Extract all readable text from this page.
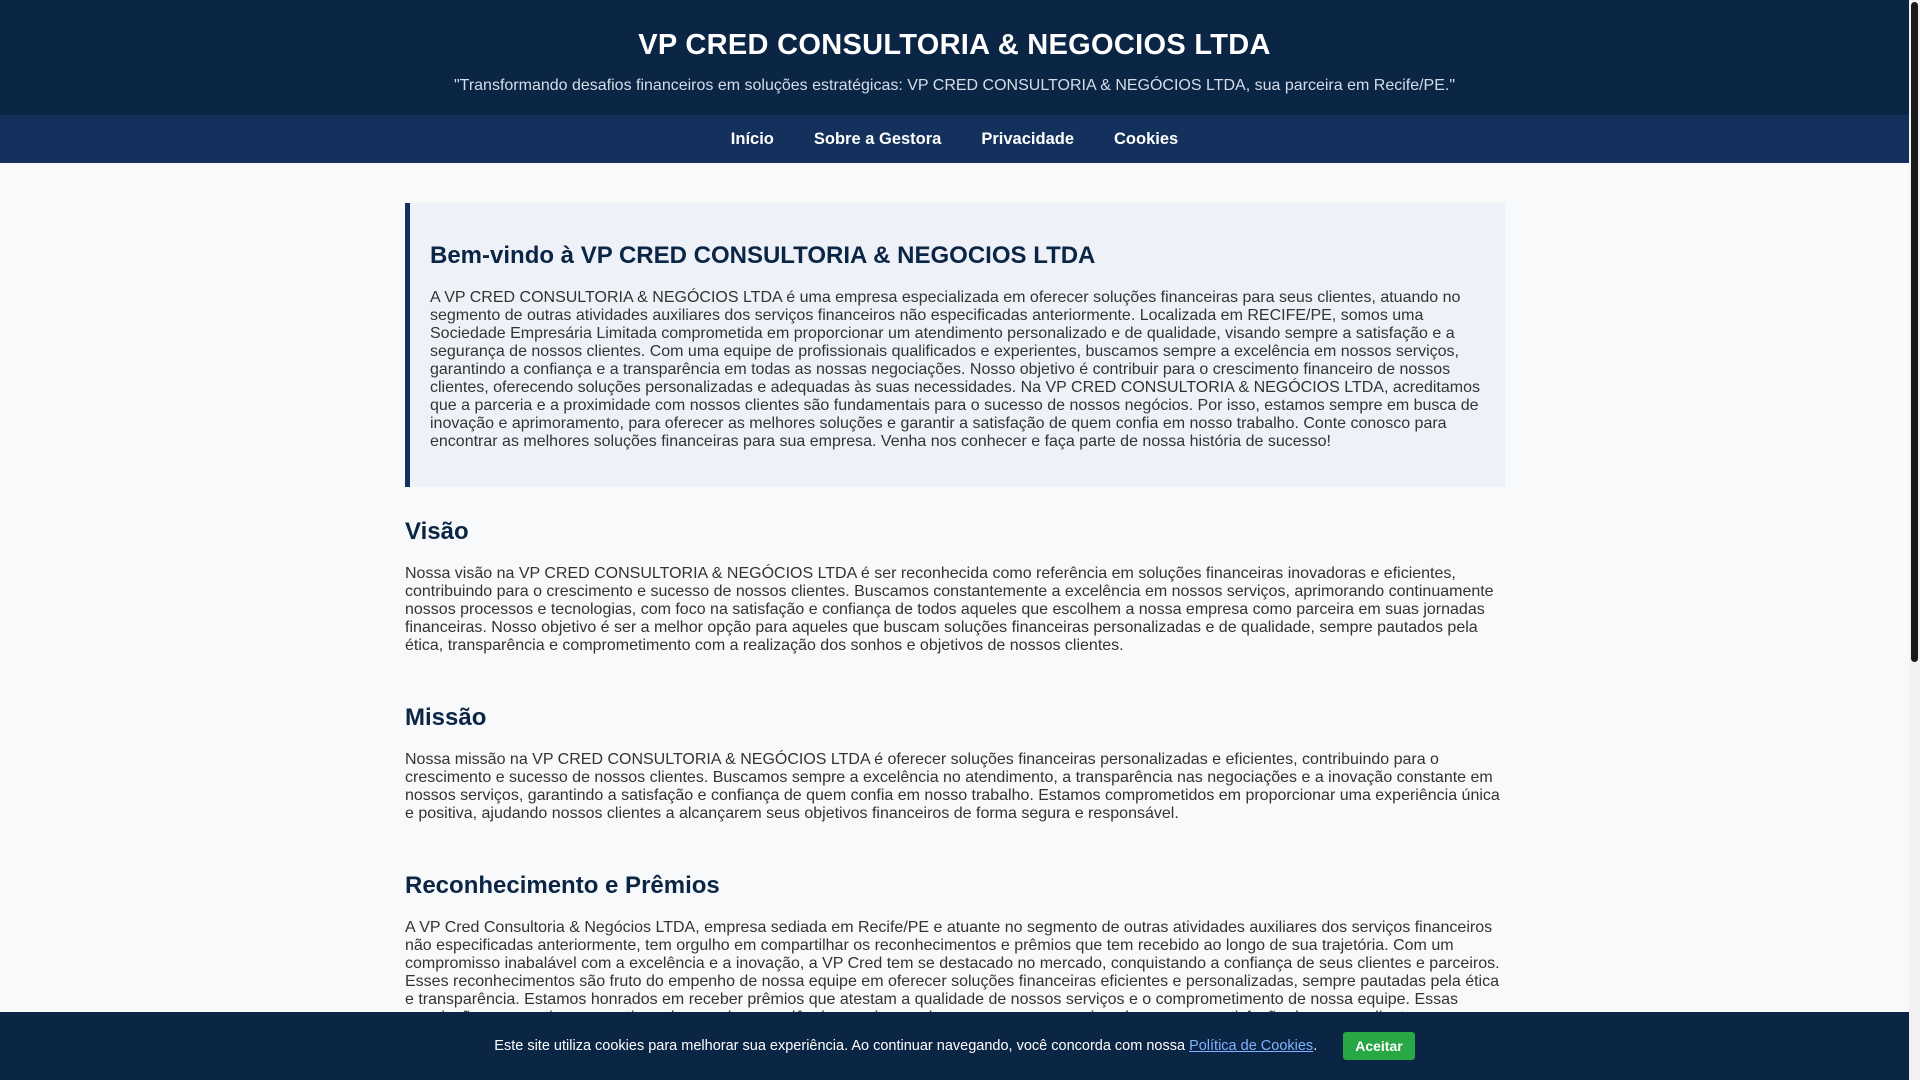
VP CRED CONSULTORIA & NEGOCIOS LTDA

"Transformando desafios financeiros em soluções estratégicas: VP CRED CONSULTORIA & NEGÓCIOS LTDA, sua parceira em Recife/PE."

Início Sobre a Gestora Privacidade Cookies
Bem-vindo à VP CRED CONSULTORIA & NEGOCIOS LTDA

A VP CRED CONSULTORIA & NEGÓCIOS LTDA é uma empresa especializada em oferecer soluções financeiras para seus clientes, atuando no segmento de outras atividades auxiliares dos serviços financeiros não especificadas anteriormente. Localizada em RECIFE/PE, somos uma Sociedade Empresária Limitada comprometida em proporcionar um atendimento personalizado e de qualidade, visando sempre a satisfação e a segurança de nossos clientes. Com uma equipe de profissionais qualificados e experientes, buscamos sempre a excelência em nossos serviços, garantindo a confiança e a transparência em todas as nossas negociações. Nosso objetivo é contribuir para o crescimento financeiro de nossos clientes, oferecendo soluções personalizadas e adequadas às suas necessidades. Na VP CRED CONSULTORIA & NEGÓCIOS LTDA, acreditamos que a parceria e a proximidade com nossos clientes são fundamentais para o sucesso de nossos negócios. Por isso, estamos sempre em busca de inovação e aprimoramento, para oferecer as melhores soluções e garantir a satisfação de quem confia em nosso trabalho. Conte conosco para encontrar as melhores soluções financeiras para sua empresa. Venha nos conhecer e faça parte de nossa história de sucesso!

Visão

Nossa visão na VP CRED CONSULTORIA & NEGÓCIOS LTDA é ser reconhecida como referência em soluções financeiras inovadoras e eficientes, contribuindo para o crescimento e sucesso de nossos clientes. Buscamos constantemente a excelência em nossos serviços, aprimorando continuamente nossos processos e tecnologias, com foco na satisfação e confiança de todos aqueles que escolhem a nossa empresa como parceira em suas jornadas financeiras. Nosso objetivo é ser a melhor opção para aqueles que buscam soluções financeiras personalizadas e de qualidade, sempre pautados pela ética, transparência e comprometimento com a realização dos sonhos e objetivos de nossos clientes.

Missão

Nossa missão na VP CRED CONSULTORIA & NEGÓCIOS LTDA é oferecer soluções financeiras personalizadas e eficientes, contribuindo para o crescimento e sucesso de nossos clientes. Buscamos sempre a excelência no atendimento, a transparência nas negociações e a inovação constante em nossos serviços, garantindo a satisfação e confiança de quem confia em nosso trabalho. Estamos comprometidos em proporcionar uma experiência única e positiva, ajudando nossos clientes a alcançarem seus objetivos financeiros de forma segura e responsável.

Reconhecimento e Prêmios

A VP Cred Consultoria & Negócios LTDA, empresa sediada em Recife/PE e atuante no segmento de outras atividades auxiliares dos serviços financeiros não especificadas anteriormente, tem orgulho em compartilhar os reconhecimentos e prêmios que tem recebido ao longo de sua trajetória. Com um compromisso inabalável com a excelência e a inovação, a VP Cred tem se destacado no mercado, conquistando a confiança de seus clientes e parceiros. Esses reconhecimentos são fruto do empenho de nossa equipe em oferecer soluções financeiras eficientes e personalizadas, sempre pautadas pela ética e transparência. Estamos honrados em receber prêmios que atestam a qualidade de nossos serviços e o comprometimento de nossa equipe. Essas

Este site utiliza cookies para melhorar sua experiência. Ao continuar navegando, você concorda com nossa Política de Cookies .	Aceitar
